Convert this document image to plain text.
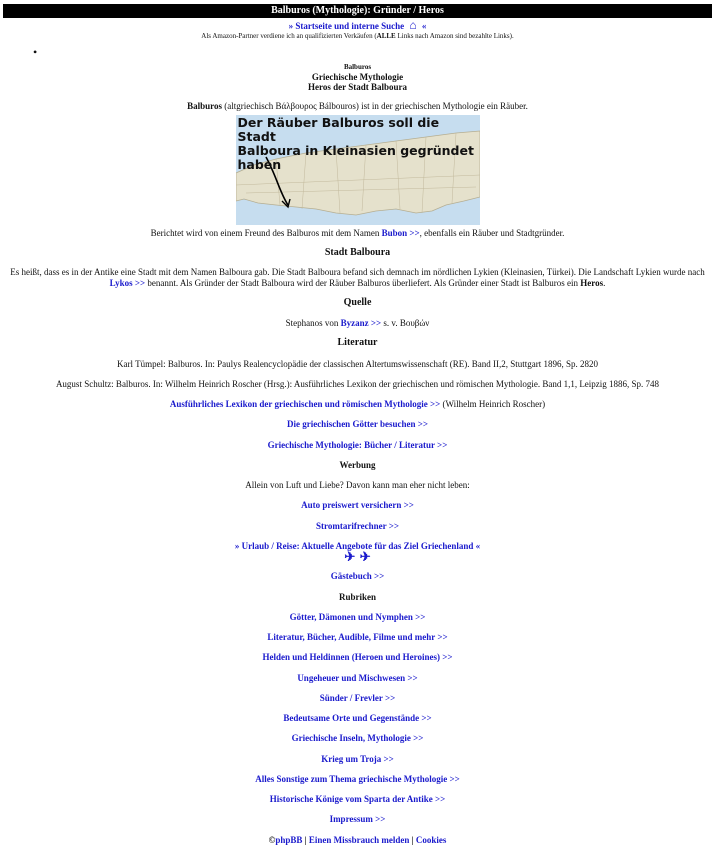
Balburos (Mythologie): Gründer / Heros
» Startseite und interne Suche ⌂ «
Als Amazon-Partner verdiene ich an qualifizierten Verkäufen (ALLE Links nach Amazon sind bezahlte Links).
•
Balburos
Griechische Mythologie
Heros der Stadt Balboura
Balburos (altgriechisch Βάλβουρος Bálbouros) ist in der griechischen Mythologie ein Räuber.
Der Räuber Balburos soll die Stadt
Balboura in Kleinasien gegründet
haben
Berichtet wird von einem Freund des Balburos mit dem Namen Bubon >>, ebenfalls ein Räuber und Stadtgründer.
Stadt Balboura
Es heißt, dass es in der Antike eine Stadt mit dem Namen Balboura gab. Die Stadt Balboura befand sich demnach im nördlichen Lykien (Kleinasien, Türkei). Die Landschaft Lykien wurde nach Lykos >> benannt. Als Gründer der Stadt Balboura wird der Räuber Balburos überliefert. Als Gründer einer Stadt ist Balburos ein Heros.
Quelle
Stephanos von Byzanz >> s. v. Βουβών
Literatur
Karl Tümpel: Balburos. In: Paulys Realencyclopädie der classischen Altertumswissenschaft (RE). Band II,2, Stuttgart 1896, Sp. 2820
August Schultz: Balburos. In: Wilhelm Heinrich Roscher (Hrsg.): Ausführliches Lexikon der griechischen und römischen Mythologie. Band 1,1, Leipzig 1886, Sp. 748
Ausführliches Lexikon der griechischen und römischen Mythologie >> (Wilhelm Heinrich Roscher)
Die griechischen Götter besuchen >>
Griechische Mythologie: Bücher / Literatur >>
Werbung
Allein von Luft und Liebe? Davon kann man eher nicht leben:
Auto preiswert versichern >>
Stromtarifrechner >>
» Urlaub / Reise: Aktuelle Angebote für das Ziel Griechenland «
✈ ✈
Gästebuch >>
Rubriken
Götter, Dämonen und Nymphen >>
Literatur, Bücher, Audible, Filme und mehr >>
Helden und Heldinnen (Heroen und Heroines) >>
Ungeheuer und Mischwesen >>
Sünder / Frevler >>
Bedeutsame Orte und Gegenstände >>
Griechische Inseln, Mythologie >>
Krieg um Troja >>
Alles Sonstige zum Thema griechische Mythologie >>
Historische Könige vom Sparta der Antike >>
Impressum >>
©phpBB | Einen Missbrauch melden | Cookies
